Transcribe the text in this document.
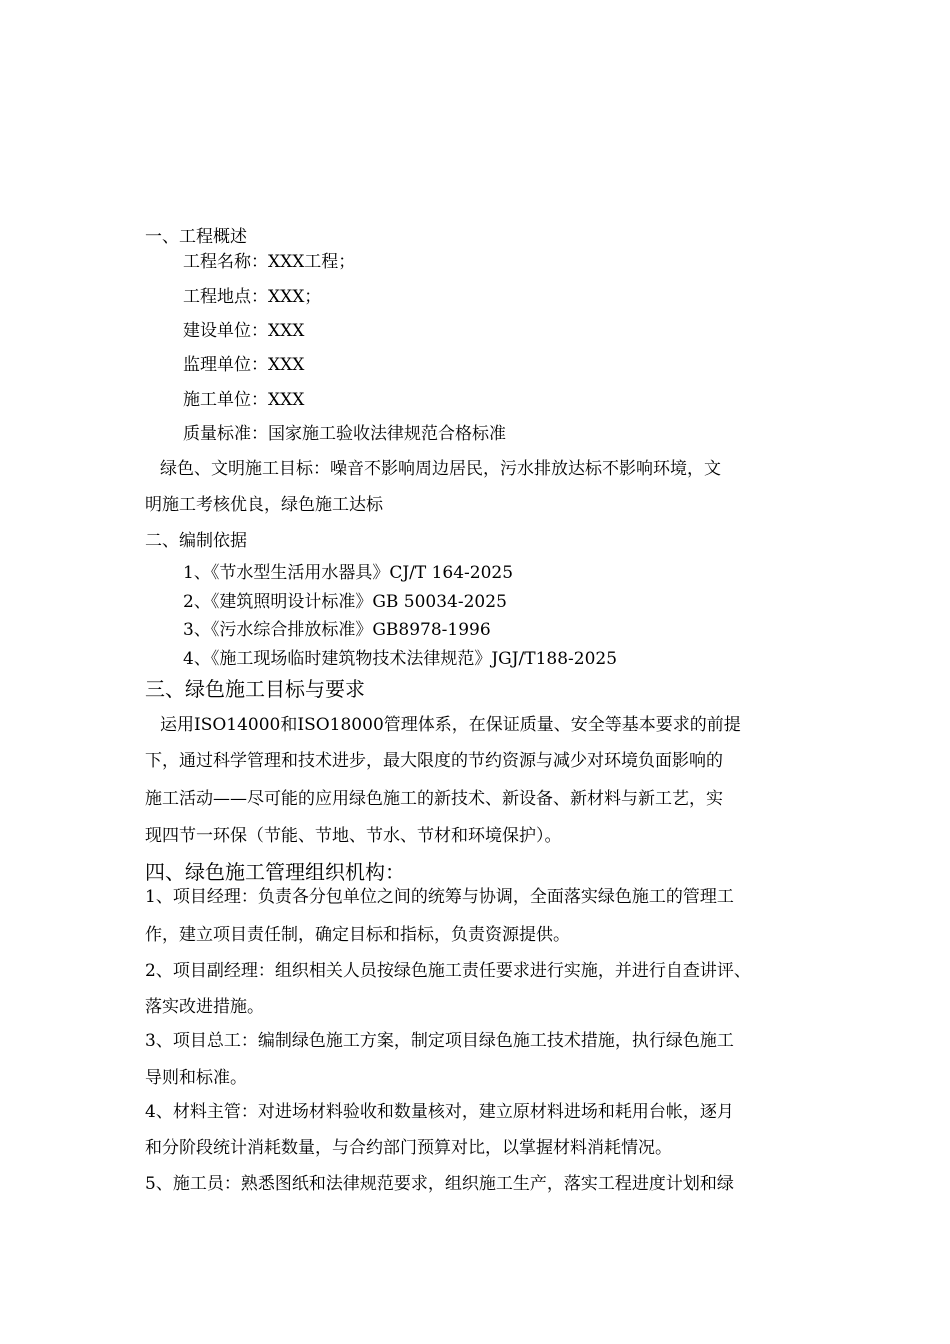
一、工程概述
工程名称：XXX工程；
工程地点：XXX；
建设单位：XXX
监理单位：XXX
施工单位：XXX
质量标准：国家施工验收法律规范合格标准
绿色、文明施工目标：噪音不影响周边居民，污水排放达标不影响环境，文
明施工考核优良，绿色施工达标
二、编制依据
1、《节水型生活用水器具》CJ/T 164-2025
2、《建筑照明设计标准》GB 50034-2025
3、《污水综合排放标准》GB8978-1996
4、《施工现场临时建筑物技术法律规范》JGJ/T188-2025
三、绿色施工目标与要求
运用ISO14000和ISO18000管理体系，在保证质量、安全等基本要求的前提
下，通过科学管理和技术进步，最大限度的节约资源与减少对环境负面影响的
施工活动——尽可能的应用绿色施工的新技术、新设备、新材料与新工艺，实
现四节一环保（节能、节地、节水、节材和环境保护）。
四、绿色施工管理组织机构：
1、项目经理：负责各分包单位之间的统筹与协调，全面落实绿色施工的管理工
作，建立项目责任制，确定目标和指标，负责资源提供。
2、项目副经理：组织相关人员按绿色施工责任要求进行实施，并进行自查讲评、
落实改进措施。
3、项目总工：编制绿色施工方案，制定项目绿色施工技术措施，执行绿色施工
导则和标准。
4、材料主管：对进场材料验收和数量核对，建立原材料进场和耗用台帐，逐月
和分阶段统计消耗数量，与合约部门预算对比，以掌握材料消耗情况。
5、施工员：熟悉图纸和法律规范要求，组织施工生产，落实工程进度计划和绿
